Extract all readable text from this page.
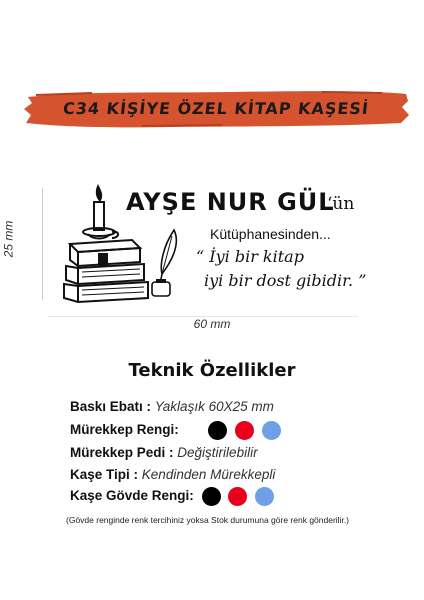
C34 KİŞİYE ÖZEL KİTAP KAŞESİ
25 mm
60 mm
AYŞE NUR GÜL
‘ün
Kütüphanesinden...
“ İyi bir kitap
iyi bir dost gibidir. ”
Teknik Özellikler
Baskı Ebatı : Yaklaşık 60X25 mm
Mürekkep Rengi:
Mürekkep Pedi : Değiştirilebilir
Kaşe Tipi : Kendinden Mürekkepli
Kaşe Gövde Rengi:
(Gövde renginde renk tercihiniz yoksa Stok durumuna göre renk gönderilir.)
